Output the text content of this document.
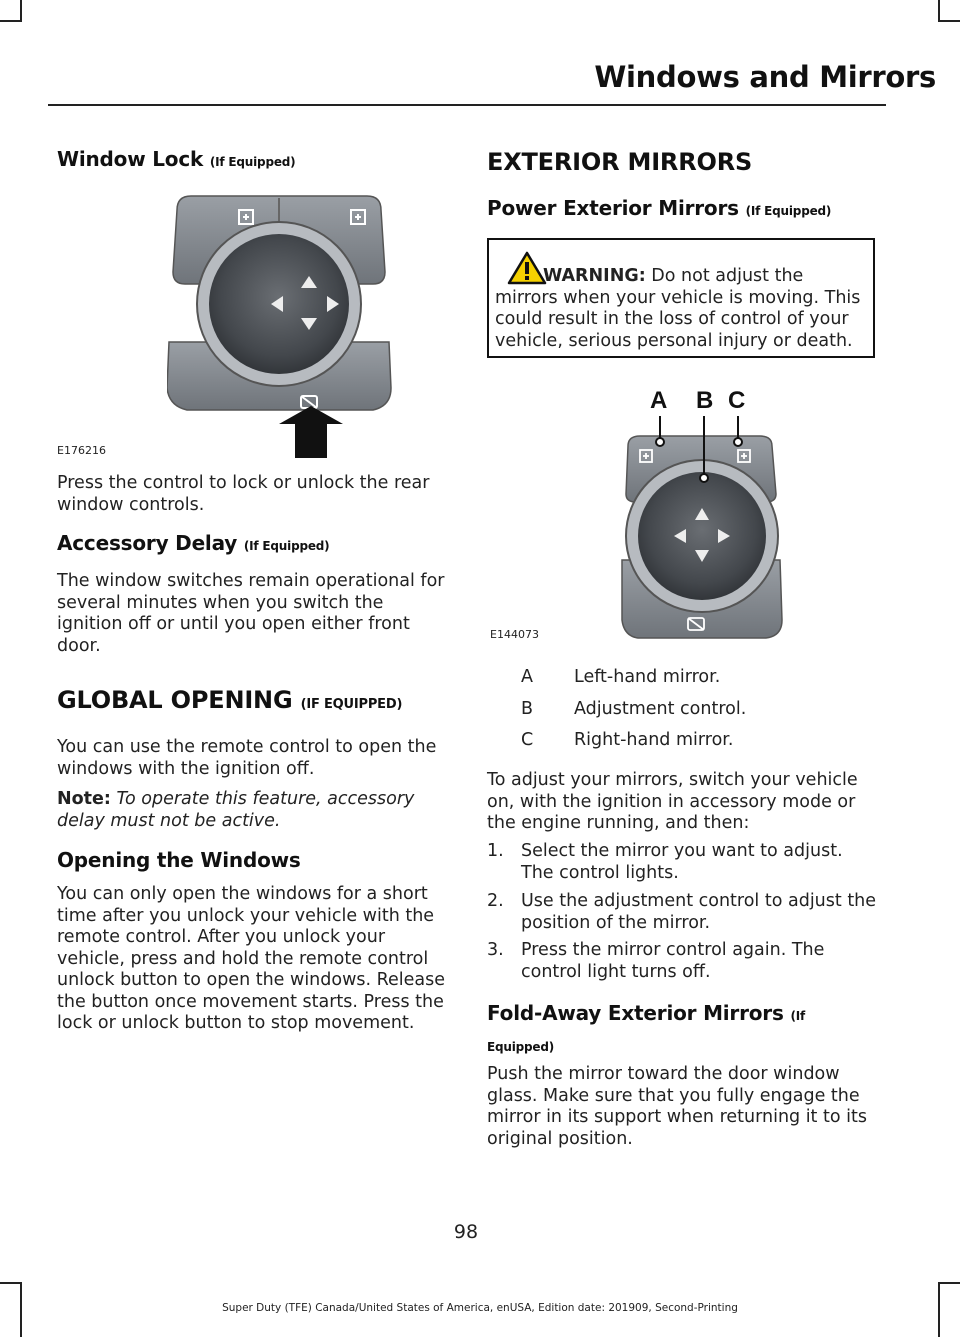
Windows and Mirrors
Window Lock (If Equipped)
E176216

Press the control to lock or unlock the rear window controls.

Accessory Delay (If Equipped)

The window switches remain operational for several minutes when you switch the ignition off or until you open either front door.

GLOBAL OPENING (IF EQUIPPED)

You can use the remote control to open the windows with the ignition off.

Note: To operate this feature, accessory delay must not be active.

Opening the Windows

You can only open the windows for a short time after you unlock your vehicle with the remote control. After you unlock your vehicle, press and hold the remote control unlock button to open the windows. Release the button once movement starts. Press the lock or unlock button to stop movement.

EXTERIOR MIRRORS
Power Exterior Mirrors (If Equipped)

WARNING: Do not adjust the mirrors when your vehicle is moving. This could result in the loss of control of your vehicle, serious personal injury or death.

A B C
E144073
A	Left-hand mirror.
B	Adjustment control.
C	Right-hand mirror.

To adjust your mirrors, switch your vehicle on, with the ignition in accessory mode or the engine running, and then:

1. Select the mirror you want to adjust. The control lights.
2. Use the adjustment control to adjust the position of the mirror.
3. Press the mirror control again. The control light turns off.
Fold-Away Exterior Mirrors (If
Equipped)

Push the mirror toward the door window glass. Make sure that you fully engage the mirror in its support when returning it to its original position.

98
Super Duty (TFE) Canada/United States of America, enUSA, Edition date: 201909, Second-Printing
